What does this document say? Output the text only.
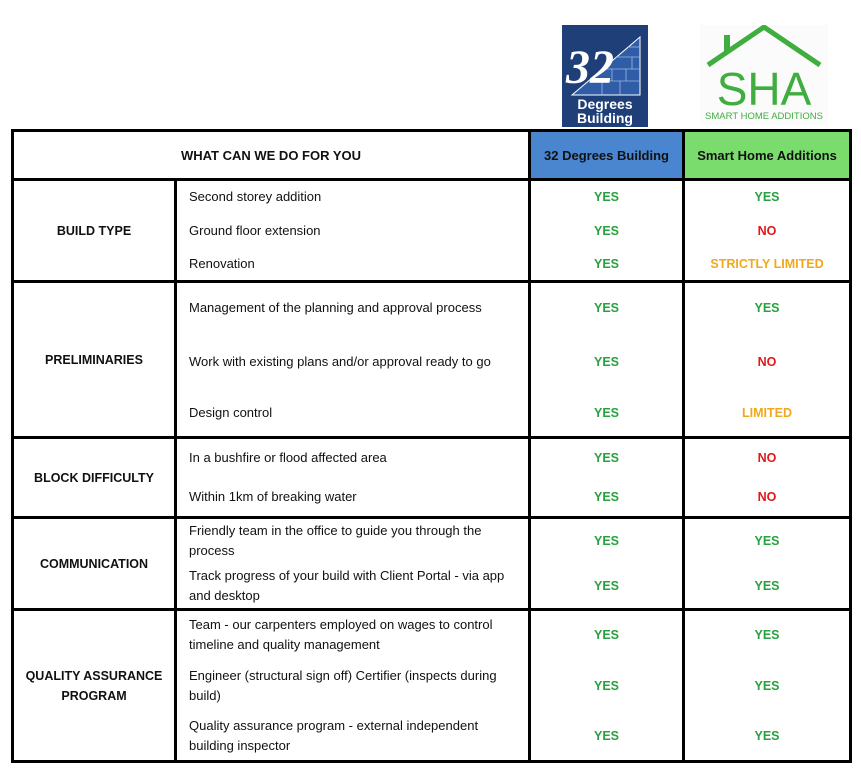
32
Degrees
Building
SHA
SMART HOME ADDITIONS
WHAT CAN WE DO FOR YOU		32 Degrees Building	Smart Home Additions
BUILD TYPE	Second storey addition	YES	YES
	Ground floor extension	YES	NO
	Renovation	YES	STRICTLY LIMITED
PRELIMINARIES	Management of the planning and approval process	YES	YES
	Work with existing plans and/or approval ready to go	YES	NO
	Design control	YES	LIMITED
BLOCK DIFFICULTY	In a bushfire or flood affected area	YES	NO
	Within 1km of breaking water	YES	NO
COMMUNICATION	Friendly team in the office to guide you through the process	YES	YES
	Track progress of your build with Client Portal - via app and desktop	YES	YES
QUALITY ASSURANCE PROGRAM	Team - our carpenters employed on wages to control timeline and quality management	YES	YES
	Engineer (structural sign off) Certifier (inspects during build)	YES	YES
	Quality assurance program - external independent building inspector	YES	YES
